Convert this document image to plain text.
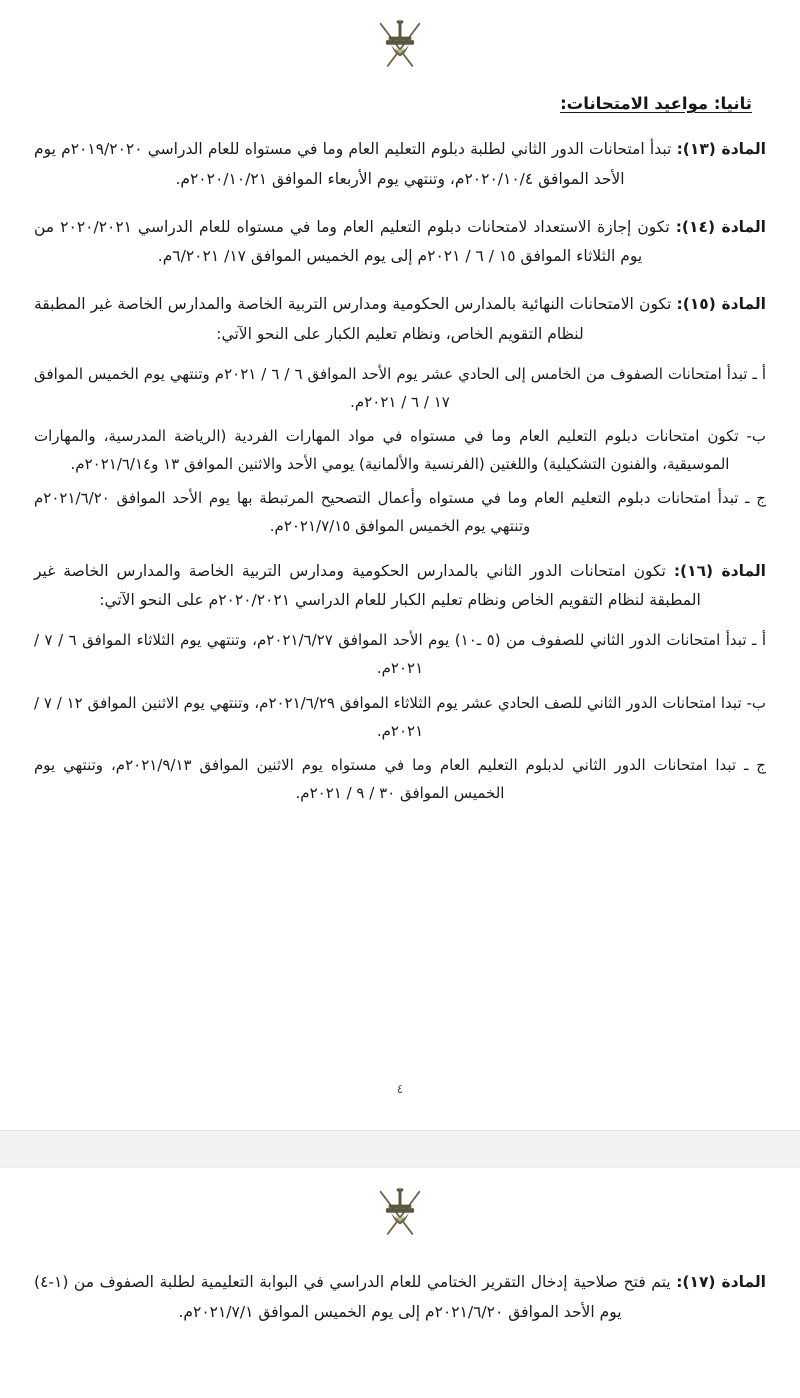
ثانيا: مواعيد الامتحانات:

المادة (١٣): تبدأ امتحانات الدور الثاني لطلبة دبلوم التعليم العام وما في مستواه للعام الدراسي ٢٠١٩/٢٠٢٠م يوم الأحد الموافق ٢٠٢٠/١٠/٤م، وتنتهي يوم الأربعاء الموافق ٢٠٢٠/١٠/٢١م.

المادة (١٤): تكون إجازة الاستعداد لامتحانات دبلوم التعليم العام وما في مستواه للعام الدراسي ٢٠٢٠/٢٠٢١ من يوم الثلاثاء الموافق ١٥ / ٦ / ٢٠٢١م إلى يوم الخميس الموافق ١٧/ ٦/٢٠٢١م.

المادة (١٥): تكون الامتحانات النهائية بالمدارس الحكومية ومدارس التربية الخاصة والمدارس الخاصة غير المطبقة لنظام التقويم الخاص، ونظام تعليم الكبار على النحو الآتي:

أ ـ تبدأ امتحانات الصفوف من الخامس إلى الحادي عشر يوم الأحد الموافق ٦ / ٦ / ٢٠٢١م وتنتهي يوم الخميس الموافق ١٧ / ٦ / ٢٠٢١م.

ب- تكون امتحانات دبلوم التعليم العام وما في مستواه في مواد المهارات الفردية (الرياضة المدرسية، والمهارات الموسيقية، والفنون التشكيلية) واللغتين (الفرنسية والألمانية) يومي الأحد والاثنين الموافق ١٣ و٢٠٢١/٦/١٤م.

ج ـ تبدأ امتحانات دبلوم التعليم العام وما في مستواه وأعمال التصحيح المرتبطة بها يوم الأحد الموافق ٢٠٢١/٦/٢٠م وتنتهي يوم الخميس الموافق ٢٠٢١/٧/١٥م.

المادة (١٦): تكون امتحانات الدور الثاني بالمدارس الحكومية ومدارس التربية الخاصة والمدارس الخاصة غير المطبقة لنظام التقويم الخاص ونظام تعليم الكبار للعام الدراسي ٢٠٢٠/٢٠٢١م على النحو الآتي:

أ ـ تبدأ امتحانات الدور الثاني للصفوف من (٥ ـ١٠) يوم الأحد الموافق ٢٠٢١/٦/٢٧م، وتنتهي يوم الثلاثاء الموافق ٦ / ٧ / ٢٠٢١م.

ب- تبدا امتحانات الدور الثاني للصف الحادي عشر يوم الثلاثاء الموافق ٢٠٢١/٦/٢٩م، وتنتهي يوم الاثنين الموافق ١٢ / ٧ / ٢٠٢١م.

ج ـ تبدا امتحانات الدور الثاني لدبلوم التعليم العام وما في مستواه يوم الاثنين الموافق ٢٠٢١/٩/١٣م، وتنتهي يوم الخميس الموافق ٣٠ / ٩ / ٢٠٢١م.

٤

المادة (١٧): يتم فتح صلاحية إدخال التقرير الختامي للعام الدراسي في البوابة التعليمية لطلبة الصفوف من (١-٤) يوم الأحد الموافق ٢٠٢١/٦/٢٠م إلى يوم الخميس الموافق ٢٠٢١/٧/١م.
